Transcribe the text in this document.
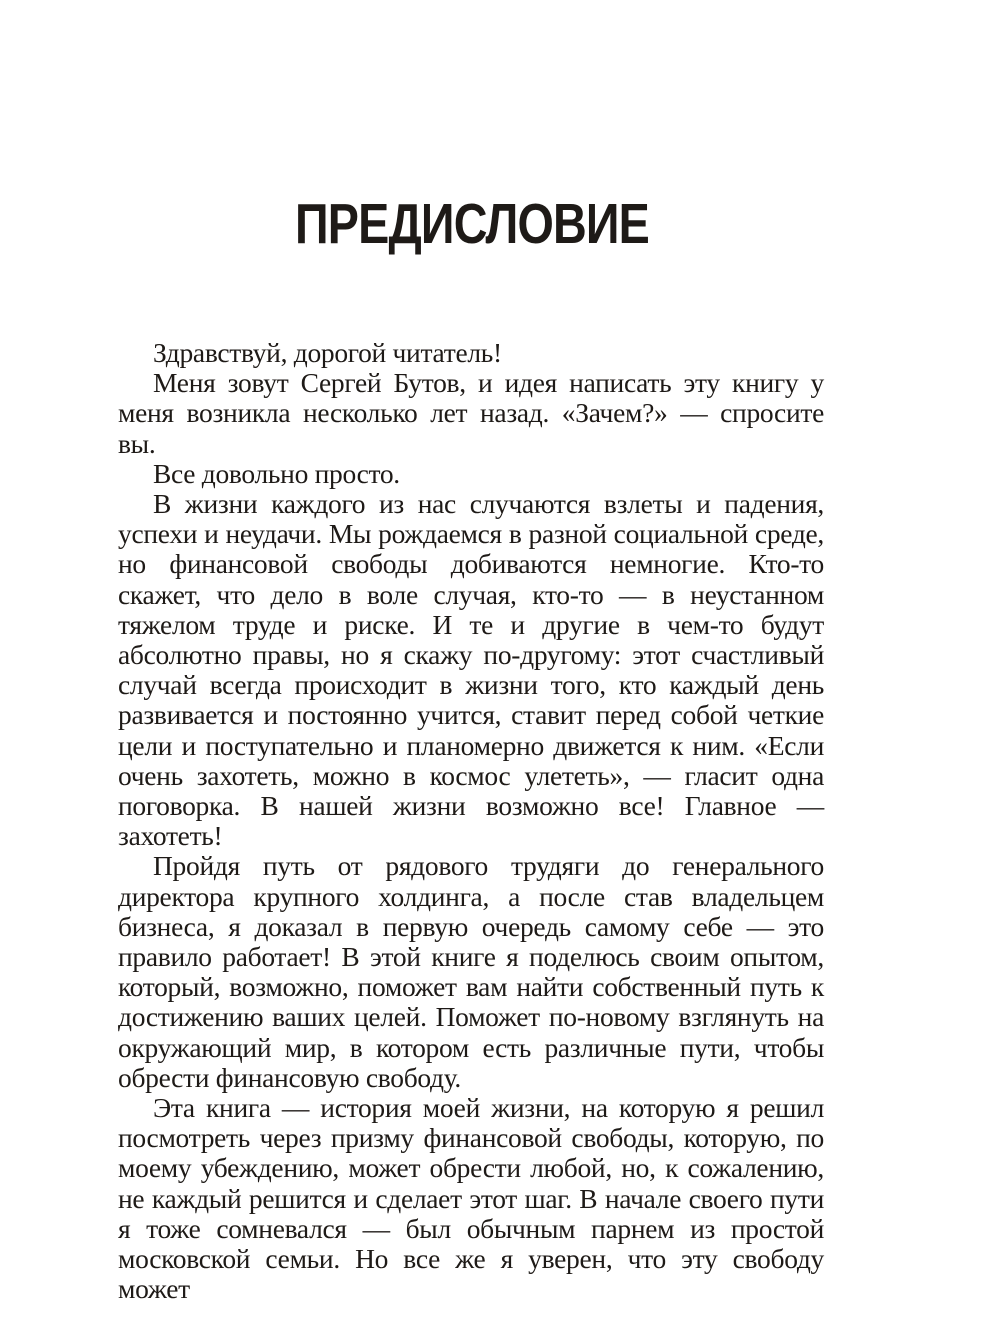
ПРЕДИСЛОВИЕ

Здравствуй, дорогой читатель!

Меня зовут Сергей Бутов, и идея написать эту книгу у меня возникла несколько лет назад. «Зачем?» — спросите вы.

Все довольно просто.

В жизни каждого из нас случаются взлеты и падения, успехи и неудачи. Мы рождаемся в разной социальной среде, но финансовой свободы добиваются немногие. Кто-то скажет, что дело в воле случая, кто-то — в неустанном тяжелом труде и риске. И те и другие в чем-то будут абсолютно правы, но я скажу по-другому: этот счастливый случай всегда происходит в жизни того, кто каждый день развивается и постоянно учится, ставит перед собой четкие цели и поступательно и планомерно движется к ним. «Если очень захотеть, можно в космос улететь», — гласит одна поговорка. В нашей жизни возможно все! Главное — захотеть!

Пройдя путь от рядового трудяги до генерального директора крупного холдинга, а после став владельцем бизнеса, я доказал в первую очередь самому себе — это правило работает! В этой книге я поделюсь своим опытом, который, возможно, поможет вам найти собственный путь к достижению ваших целей. Поможет по-новому взглянуть на окружающий мир, в котором есть различные пути, чтобы обрести финансовую свободу.

Эта книга — история моей жизни, на которую я решил посмотреть через призму финансовой свободы, которую, по моему убеждению, может обрести любой, но, к сожалению, не каждый решится и сделает этот шаг. В начале своего пути я тоже сомневался — был обычным парнем из простой московской семьи. Но все же я уверен, что эту свободу может
